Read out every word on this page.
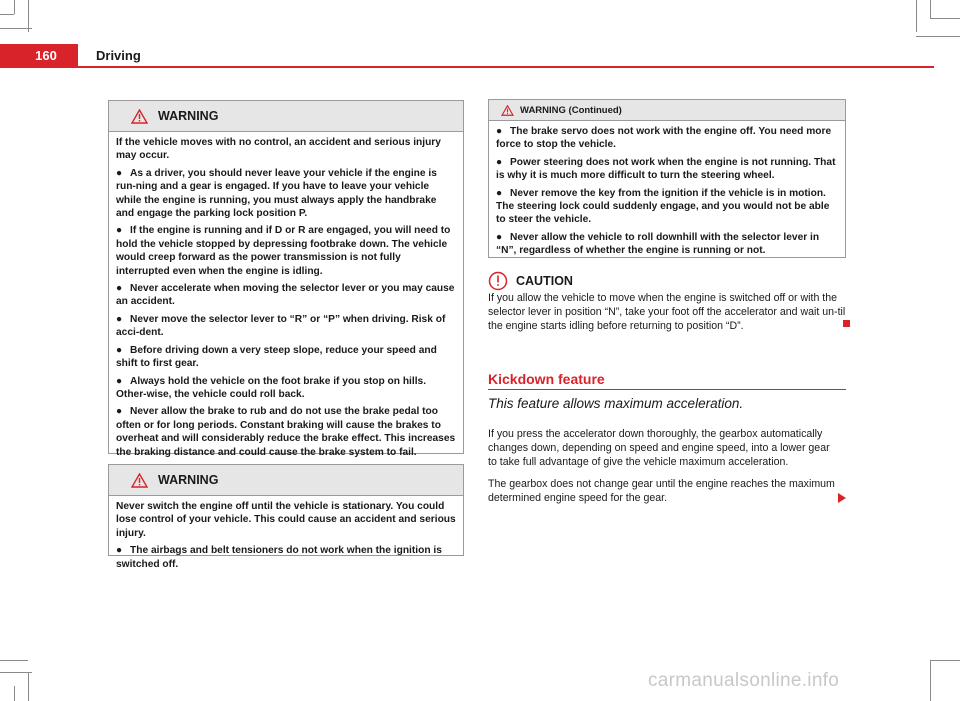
160	Driving
WARNING

If the vehicle moves with no control, an accident and serious injury may occur.

● As a driver, you should never leave your vehicle if the engine is run-ning and a gear is engaged. If you have to leave your vehicle while the engine is running, you must always apply the handbrake and engage the parking lock position P.

● If the engine is running and if D or R are engaged, you will need to hold the vehicle stopped by depressing footbrake down. The vehicle would creep forward as the power transmission is not fully interrupted even when the engine is idling.

● Never accelerate when moving the selector lever or you may cause an accident.

● Never move the selector lever to “R” or “P” when driving. Risk of acci-dent.

● Before driving down a very steep slope, reduce your speed and shift to first gear.

● Always hold the vehicle on the foot brake if you stop on hills. Other-wise, the vehicle could roll back.

● Never allow the brake to rub and do not use the brake pedal too often or for long periods. Constant braking will cause the brakes to overheat and will considerably reduce the brake effect. This increases the braking distance and could cause the brake system to fail.

WARNING

Never switch the engine off until the vehicle is stationary. You could lose control of your vehicle. This could cause an accident and serious injury.

● The airbags and belt tensioners do not work when the ignition is switched off.

WARNING (Continued)

● The brake servo does not work with the engine off. You need more force to stop the vehicle.

● Power steering does not work when the engine is not running. That is why it is much more difficult to turn the steering wheel.

● Never remove the key from the ignition if the vehicle is in motion. The steering lock could suddenly engage, and you would not be able to steer the vehicle.

● Never allow the vehicle to roll downhill with the selector lever in “N”, regardless of whether the engine is running or not.

CAUTION
If you allow the vehicle to move when the engine is switched off or with the selector lever in position “N”, take your foot off the accelerator and wait un-til the engine starts idling before returning to position “D”.
Kickdown feature
This feature allows maximum acceleration.
If you press the accelerator down thoroughly, the gearbox automatically changes down, depending on speed and engine speed, into a lower gear to take full advantage of give the vehicle maximum acceleration.
The gearbox does not change gear until the engine reaches the maximum determined engine speed for the gear.
carmanualsonline.info
